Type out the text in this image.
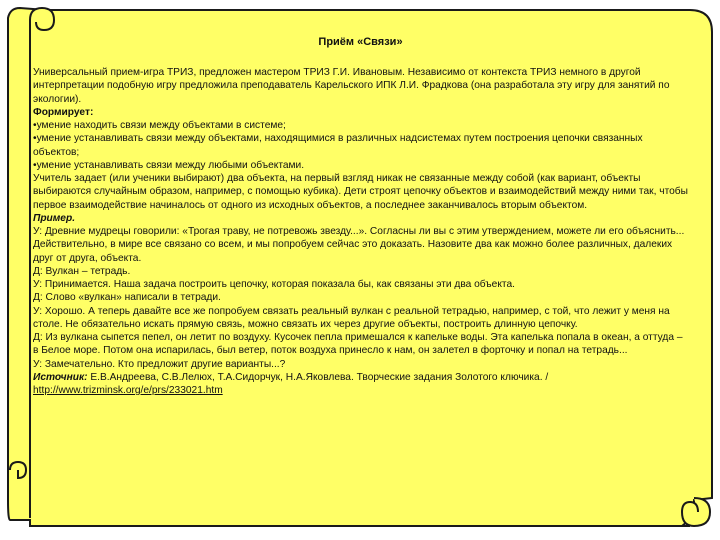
Приём «Связи»

Универсальный прием-игра ТРИЗ, предложен мастером ТРИЗ Г.И. Ивановым. Независимо от контекста ТРИЗ немного в другой интерпретации подобную игру предложила преподаватель Карельского ИПК Л.И. Фрадкова (она разработала эту игру для занятий по экологии).

Формирует:

•умение находить связи между объектами в системе;

•умение устанавливать связи между объектами, находящимися в различных надсистемах путем построения цепочки связанных объектов;

•умение устанавливать связи между любыми объектами.

Учитель задает (или ученики выбирают) два объекта, на первый взгляд никак не связанные между собой (как вариант, объекты выбираются случайным образом, например, с помощью кубика). Дети строят цепочку объектов и взаимодействий между ними так, чтобы первое взаимодействие начиналось от одного из исходных объектов, а последнее заканчивалось вторым объектом.

Пример.

У: Древние мудрецы говорили: «Трогая траву, не потревожь звезду...». Согласны ли вы с этим утверждением, можете ли его объяснить... Действительно, в мире все связано со всем, и мы попробуем сейчас это доказать. Назовите два как можно более различных, далеких друг от друга, объекта.

Д: Вулкан – тетрадь.

У: Принимается. Наша задача построить цепочку, которая показала бы, как связаны эти два объекта.

Д: Слово «вулкан» написали в тетради.

У: Хорошо. А теперь давайте все же попробуем связать реальный вулкан с реальной тетрадью, например, с той, что лежит у меня на столе. Не обязательно искать прямую связь, можно связать их через другие объекты, построить длинную цепочку.

Д: Из вулкана сыпется пепел, он летит по воздуху. Кусочек пепла примешался к капельке воды. Эта капелька попала в океан, а оттуда – в Белое море. Потом она испарилась, был ветер, поток воздуха принесло к нам, он залетел в форточку и попал на тетрадь...

У: Замечательно. Кто предложит другие варианты...?

Источник: Е.В.Андреева, С.В.Лелюх, Т.А.Сидорчук, Н.А.Яковлева. Творческие задания Золотого ключика. / http://www.trizminsk.org/e/prs/233021.htm
